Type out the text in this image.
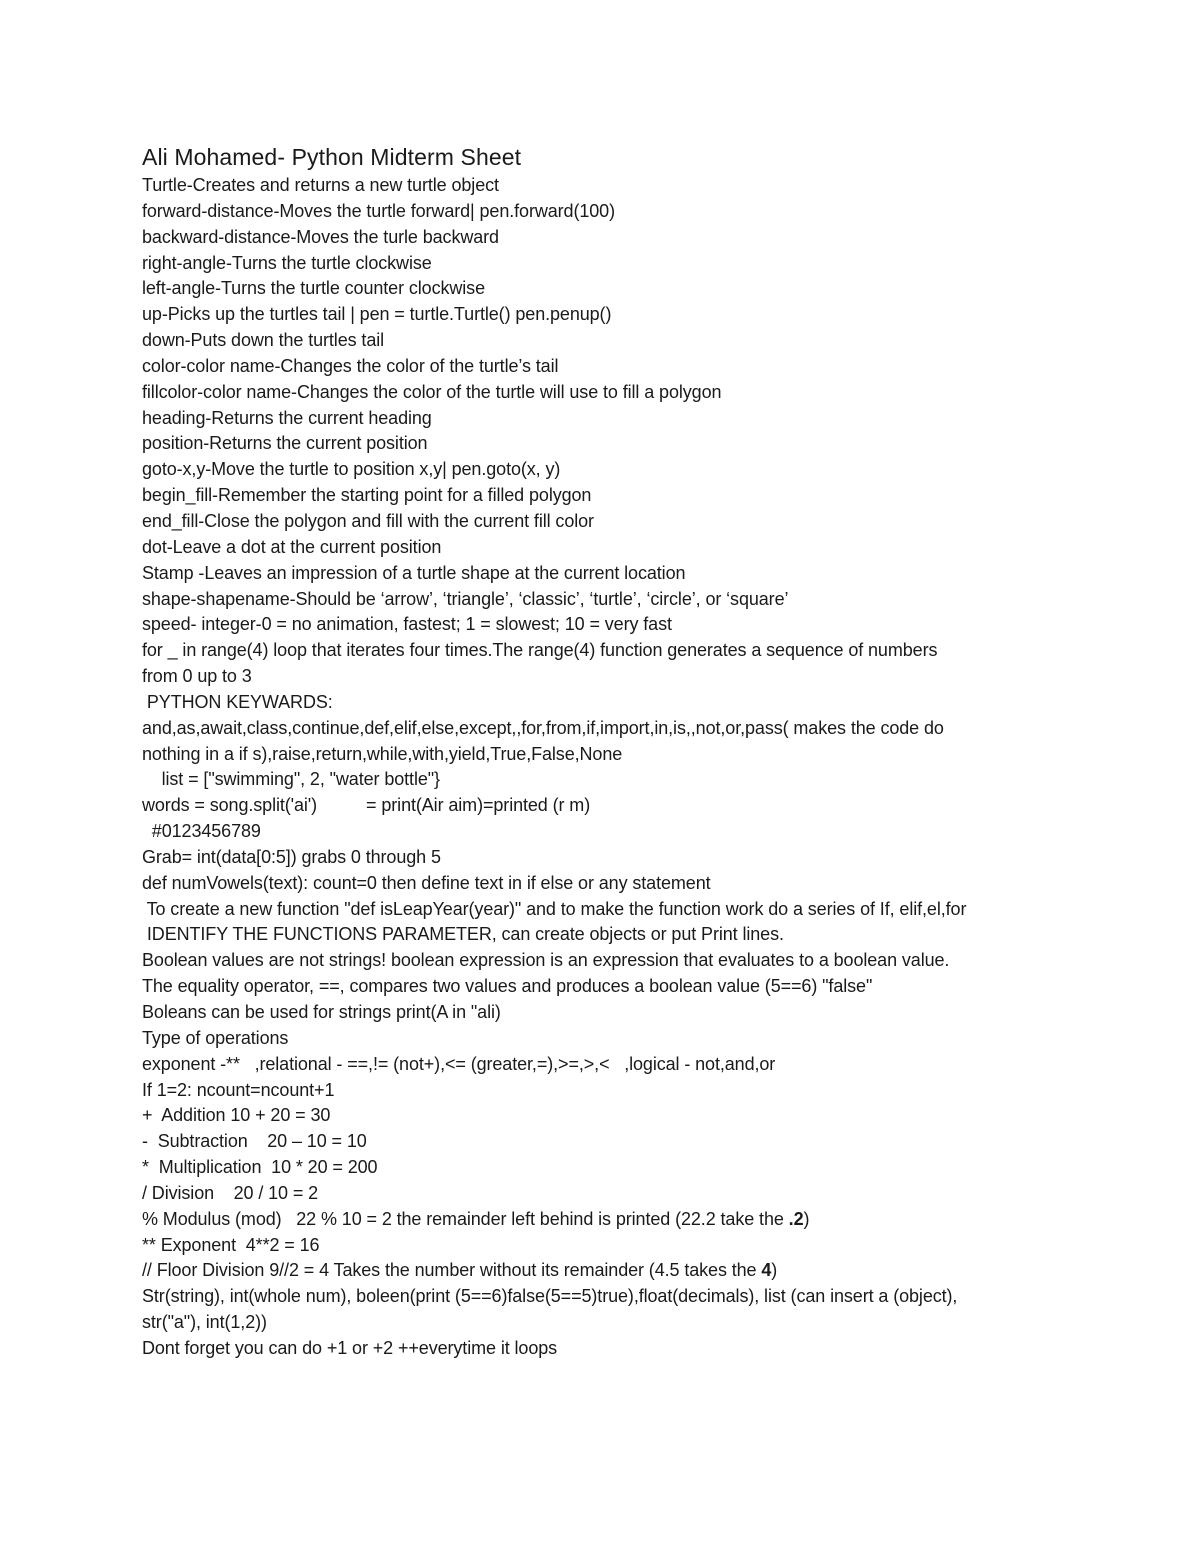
Ali Mohamed- Python Midterm Sheet
Turtle-Creates and returns a new turtle object
forward-distance-Moves the turtle forward| pen.forward(100)
backward-distance-Moves the turle backward
right-angle-Turns the turtle clockwise
left-angle-Turns the turtle counter clockwise
up-Picks up the turtles tail | pen = turtle.Turtle() pen.penup()
down-Puts down the turtles tail
color-color name-Changes the color of the turtle’s tail
fillcolor-color name-Changes the color of the turtle will use to fill a polygon
heading-Returns the current heading
position-Returns the current position
goto-x,y-Move the turtle to position x,y| pen.goto(x, y)
begin_fill-Remember the starting point for a filled polygon
end_fill-Close the polygon and fill with the current fill color
dot-Leave a dot at the current position
Stamp -Leaves an impression of a turtle shape at the current location
shape-shapename-Should be ‘arrow’, ‘triangle’, ‘classic’, ‘turtle’, ‘circle’, or ‘square’
speed- integer-0 = no animation, fastest; 1 = slowest; 10 = very fast
for _ in range(4) loop that iterates four times.The range(4) function generates a sequence of numbers
from 0 up to 3
PYTHON KEYWARDS:
and,as,await,class,continue,def,elif,else,except,,for,from,if,import,in,is,,not,or,pass( makes the code do
nothing in a if s),raise,return,while,with,yield,True,False,None
list = ["swimming", 2, "water bottle"}
words = song.split('ai')          = print(Air aim)=printed (r m)
#0123456789
Grab= int(data[0:5]) grabs 0 through 5
def numVowels(text): count=0 then define text in if else or any statement
To create a new function "def isLeapYear(year)" and to make the function work do a series of If, elif,el,for
IDENTIFY THE FUNCTIONS PARAMETER, can create objects or put Print lines.
Boolean values are not strings! boolean expression is an expression that evaluates to a boolean value.
The equality operator, ==, compares two values and produces a boolean value (5==6) "false"
Boleans can be used for strings print(A in "ali)
Type of operations
exponent -**   ,relational - ==,!= (not+),<= (greater,=),>=,>,<   ,logical - not,and,or
If 1=2: ncount=ncount+1
+  Addition 10 + 20 = 30
-  Subtraction    20 – 10 = 10
*  Multiplication  10 * 20 = 200
/ Division    20 / 10 = 2
% Modulus (mod)   22 % 10 = 2 the remainder left behind is printed (22.2 take the .2)
** Exponent  4**2 = 16
// Floor Division 9//2 = 4 Takes the number without its remainder (4.5 takes the 4)
Str(string), int(whole num), boleen(print (5==6)false(5==5)true),float(decimals), list (can insert a (object),
str("a"), int(1,2))
Dont forget you can do +1 or +2 ++everytime it loops
